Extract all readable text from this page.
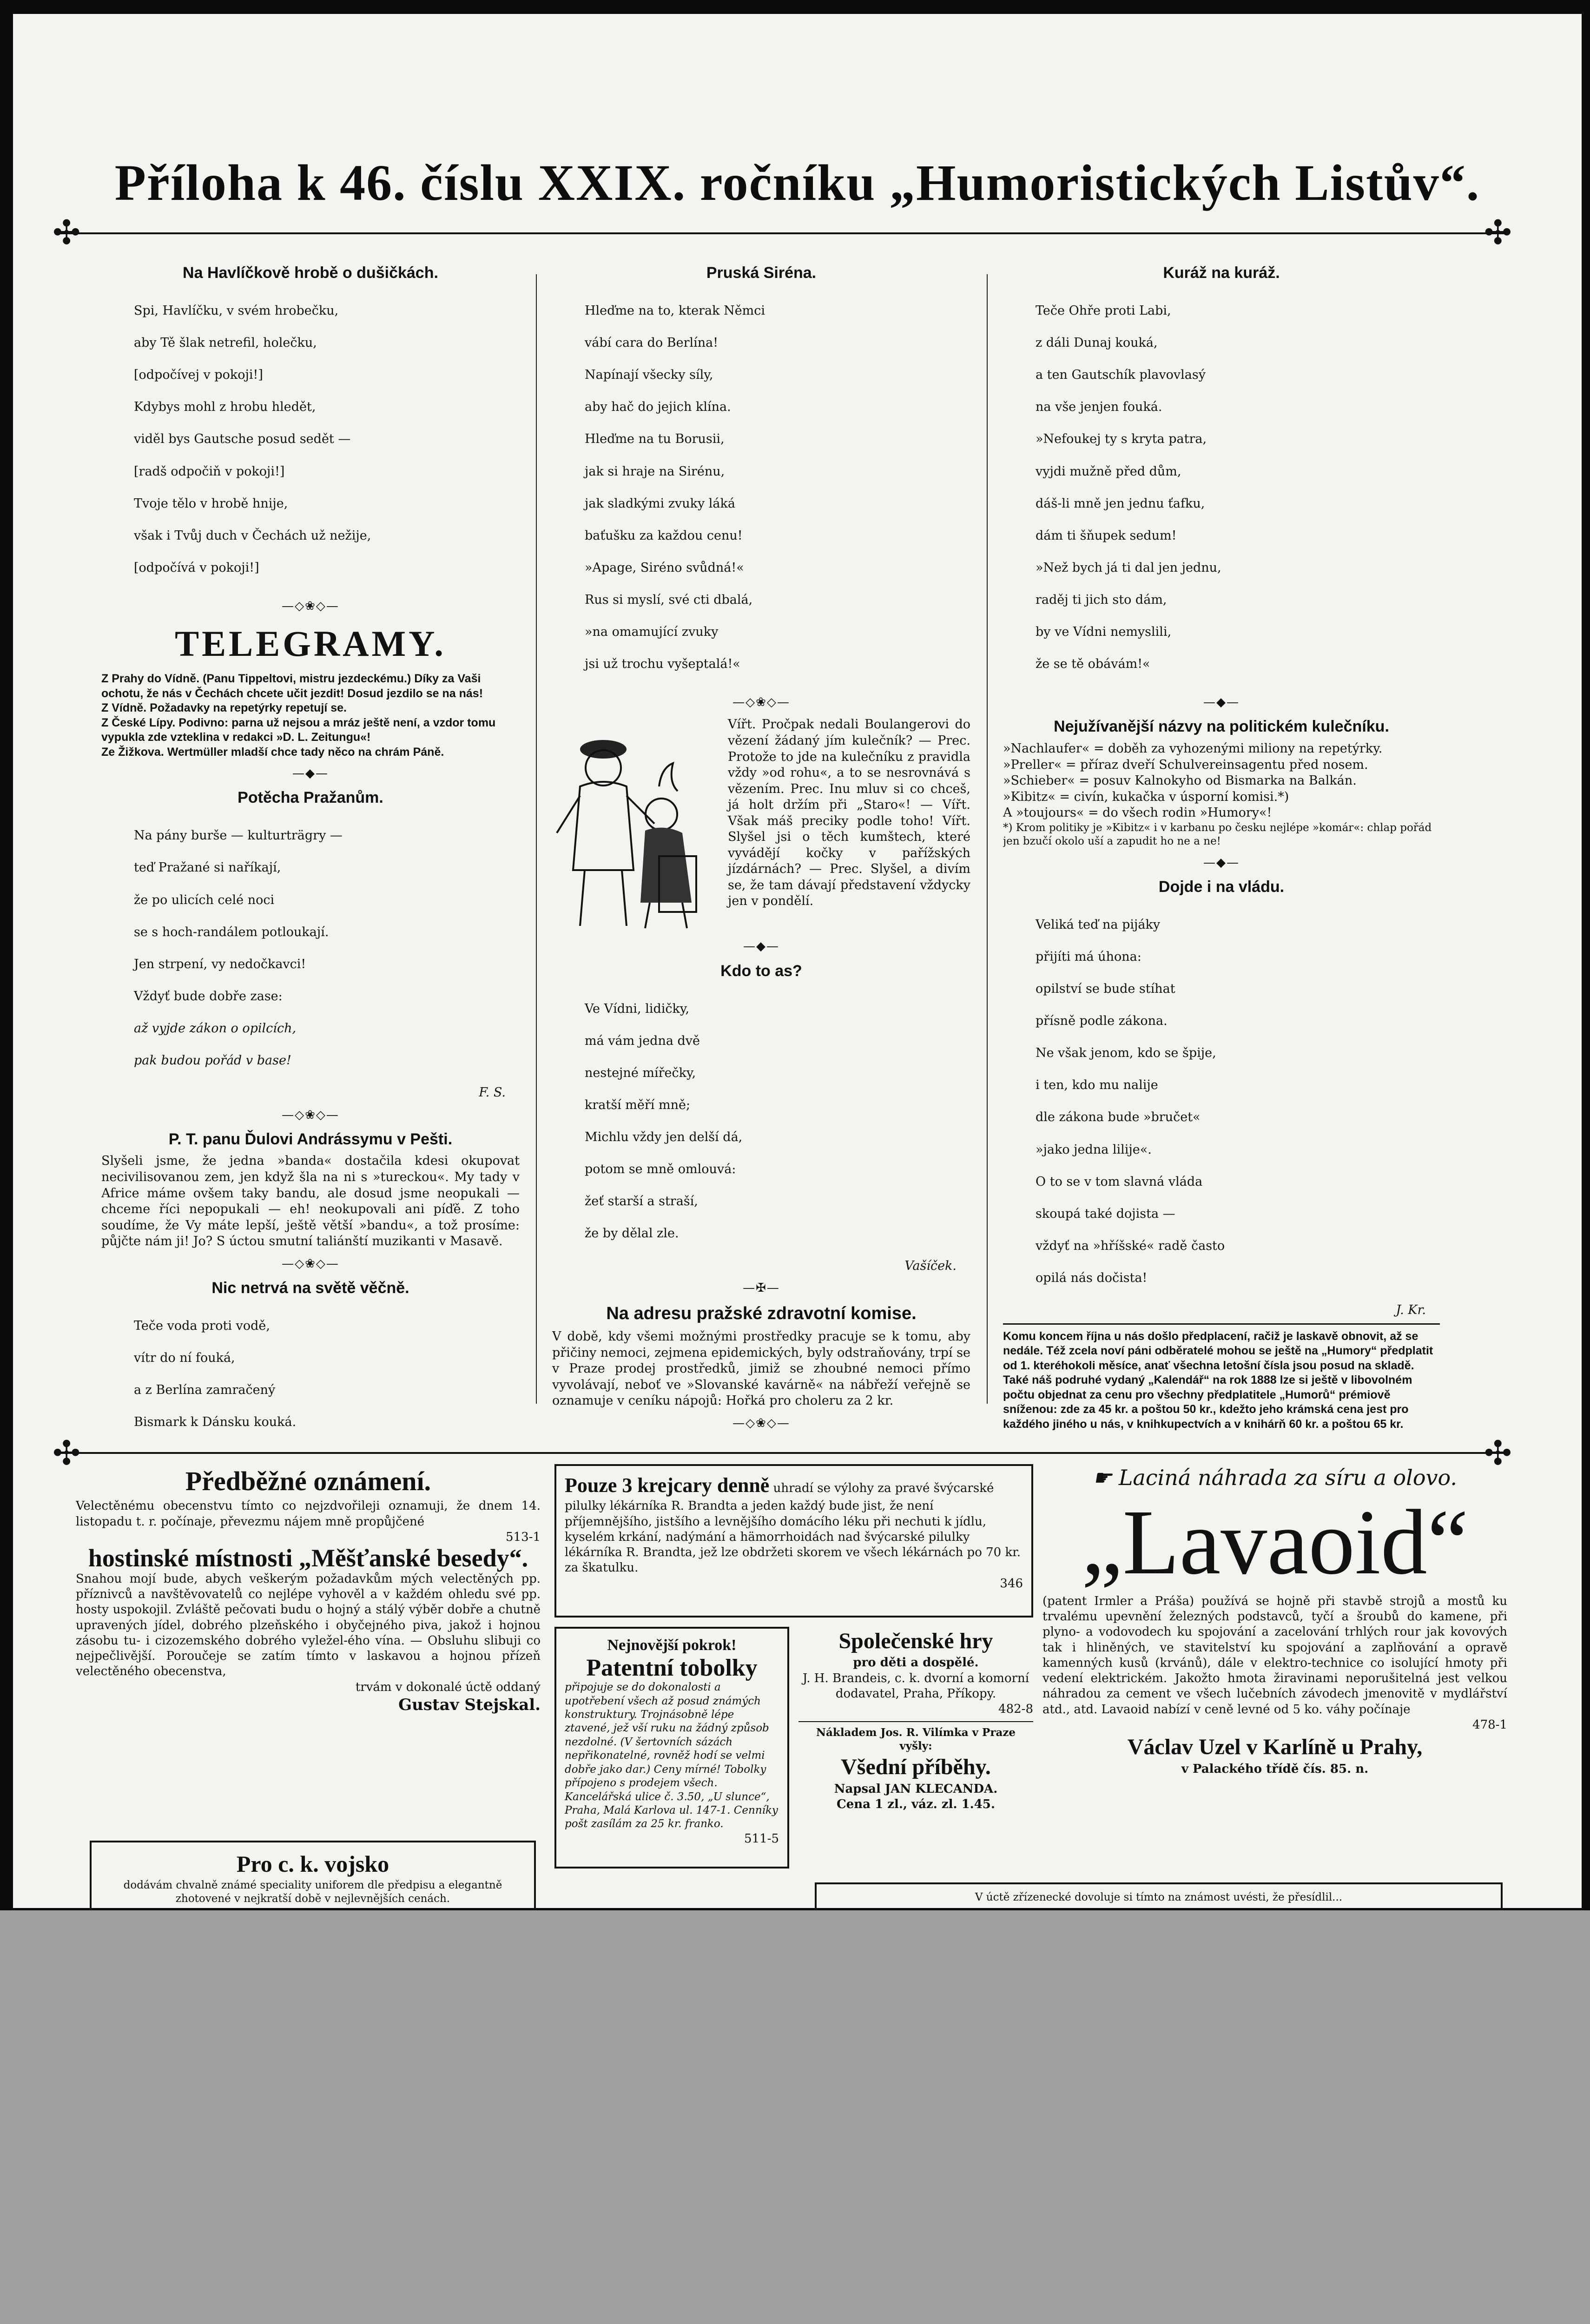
Příloha k 46. číslu XXIX. ročníku „Humoristických Listův“.
✣	✣
✣	✣
Na Havlíčkově hrobě o dušičkách.

Spi, Havlíčku, v svém hrobečku,

aby Tě šlak netrefil, holečku,

[odpočívej v pokoji!]

Kdybys mohl z hrobu hledět,

viděl bys Gautsche posud sedět —

[radš odpočiň v pokoji!]

Tvoje tělo v hrobě hnije,

však i Tvůj duch v Čechách už nežije,

[odpočívá v pokoji!]

—◇❀◇—
TELEGRAMY.
Z Prahy do Vídně. (Panu Tippeltovi, mistru jezdeckému.) Díky za Vaši ochotu, že nás v Čechách chcete učit jezdit! Dosud jezdilo se na nás!
Z Vídně. Požadavky na repetýrky repetují se.
Z České Lípy. Podivno: parna už nejsou a mráz ještě není, a vzdor tomu vypukla zde vzteklina v redakci »D. L. Zeitungu«!
Ze Žižkova. Wertmüller mladší chce tady něco na chrám Páně.
—◆—
Potěcha Pražanům.

Na pány burše — kulturträgry —

teď Pražané si naříkají,

že po ulicích celé noci

se s hoch-randálem potloukají.

Jen strpení, vy nedočkavci!

Vždyť bude dobře zase:

až vyjde zákon o opilcích,

pak budou pořád v base!

F. S.
—◇❀◇—
P. T. panu Ďulovi Andrássymu v Pešti.
Slyšeli jsme, že jedna »banda« dostačila kdesi okupovat necivilisovanou zem, jen když šla na ni s »tureckou«. My tady v Africe máme ovšem taky bandu, ale dosud jsme neopukali — chceme říci nepopukali — eh! neokupovali ani píďě. Z toho soudíme, že Vy máte lepší, ještě větší »bandu«, a tož prosíme: půjčte nám ji! Jo? S úctou smutní taliánští muzikanti v Masavě.
—◇❀◇—
Nic netrvá na světě věčně.

Teče voda proti vodě,

vítr do ní fouká,

a z Berlína zamračený

Bismark k Dánsku kouká.

Pruská Siréna.

Hleďme na to, kterak Němci

vábí cara do Berlína!

Napínají všecky síly,

aby hač do jejich klína.

Hleďme na tu Borusii,

jak si hraje na Sirénu,

jak sladkými zvuky láká

baťušku za každou cenu!

»Apage, Siréno svůdná!«

Rus si myslí, své cti dbalá,

»na omamující zvuky

jsi už trochu vyšeptalá!«

—◇❀◇—
Vířt. Pročpak nedali Boulangerovi do vězení žádaný jím kulečník? — Prec. Protože to jde na kulečníku z pravidla vždy »od rohu«, a to se nesrovnává s vězením. Prec. Inu mluv si co chceš, já holt držím při „Staro«! — Vířt. Však máš preciky podle toho! Vířt. Slyšel jsi o těch kumštech, které vyvádějí kočky v pařížských jízdárnách? — Prec. Slyšel, a divím se, že tam dávají představení vždycky jen v pondělí.
—◆—
Kdo to as?

Ve Vídni, lidičky,

má vám jedna dvě

nestejné mířečky,

kratší měří mně;

Michlu vždy jen delší dá,

potom se mně omlouvá:

žeť starší a straší,

že by dělal zle.

Vašíček.
—✠—
Na adresu pražské zdravotní komise.
V době, kdy všemi možnými prostředky pracuje se k tomu, aby přičiny nemoci, zejmena epidemických, byly odstraňovány, trpí se v Praze prodej prostředků, jimiž se zhoubné nemoci přímo vyvolávají, neboť ve »Slovanské kavárně« na nábřeží veřejně se oznamuje v ceníku nápojů: Hořká pro choleru za 2 kr.
—◇❀◇—

Kuráž na kuráž.

Teče Ohře proti Labi,

z dáli Dunaj kouká,

a ten Gautschík plavovlasý

na vše jenjen fouká.

»Nefoukej ty s kryta patra,

vyjdi mužně před dům,

dáš-li mně jen jednu ťafku,

dám ti šňupek sedum!

»Než bych já ti dal jen jednu,

raděj ti jich sto dám,

by ve Vídni nemyslili,

že se tě obávám!«

—◆—
Nejužívanější názvy na politickém kulečníku.
»Nachlaufer« = doběh za vyhozenými miliony na repetýrky.
»Preller« = příraz dveří Schulvereinsagentu před nosem.
»Schieber« = posuv Kalnokyho od Bismarka na Balkán.
»Kibitz« = civín, kukačka v úsporní komisi.*)
A »toujours« = do všech rodin »Humory«!
*) Krom politiky je »Kibitz« i v karbanu po česku nejlépe »komár«: chlap pořád jen bzučí okolo uší a zapudit ho ne a ne!
—◆—
Dojde i na vládu.

Veliká teď na pijáky

přijíti má úhona:

opilství se bude stíhat

přísně podle zákona.

Ne však jenom, kdo se špije,

i ten, kdo mu nalije

dle zákona bude »bručet«

»jako jedna lilije«.

O to se v tom slavná vláda

skoupá také dojista —

vždyť na »hříšské« radě často

opilá nás dočista!

J. Kr.
Komu koncem října u nás došlo předplacení, račiž je laskavě obnovit, až se nedále. Též zcela noví páni odběratelé mohou se ještě na „Humory“ předplatit od 1. kteréhokoli měsíce, anať všechna letošní čísla jsou posud na skladě. Také náš podruhé vydaný „Kalendář“ na rok 1888 lze si ještě v libovolném počtu objednat za cenu pro všechny předplatitele „Humorů“ prémiově sníženou: zde za 45 kr. a poštou 50 kr., kdežto jeho krámská cena jest pro každého jiného u nás, v knihkupectvích a v knihárň 60 kr. a poštou 65 kr.

Předběžné oznámení.
Velectěnému obecenstvu tímto co nejzdvořileji oznamuji, že dnem 14. listopadu t. r. počínaje, převezmu nájem mně propůjčené
513-1
hostinské místnosti „Měšťanské besedy“.
Snahou mojí bude, abych veškerým požadavkům mých velectěných pp. příznivců a navštěvovatelů co nejlépe vyhověl a v každém ohledu své pp. hosty uspokojil. Zvláště pečovati budu o hojný a stálý výběr dobře a chutně upravených jídel, dobrého plzeňského i obyčejného piva, jakož i hojnou zásobu tu- i cizozemského dobrého vyležel-ého vína. — Obsluhu slibuji co nejpečlivější. Poroučeje se zatím tímto v laskavou a hojnou přízeň velectěného obecenstva,
trvám v dokonalé úctě oddaný
Gustav Stejskal.
Pro c. k. vojsko
dodávám chvalně známé speciality uniforem dle předpisu a elegantně zhotovené v nejkratší době v nejlevnějších cenách.
Pouze 3 krejcary denně uhradí se výlohy za pravé švýcarské pilulky lékárníka R. Brandta a jeden každý bude jist, že není příjemnějšího, jistšího a levnějšího domácího léku při nechuti k jídlu, kyselém krkání, nadýmání a hämorrhoidách nad švýcarské pilulky lékárníka R. Brandta, jež lze obdržeti skorem ve všech lékárnách po 70 kr. za škatulku.
346
Nejnovější pokrok!
Patentní tobolky
připojuje se do dokonalosti a upotřebení všech až posud známých konstruktury. Trojnásobně lépe ztavené, jež vší ruku na žádný způsob nezdolné. (V šertovních sázách nepřikonatelné, rovněž hodí se velmi dobře jako dar.) Ceny mírné! Tobolky přípojeno s prodejem všech. Kancelářská ulice č. 3.50, „U slunce“, Praha, Malá Karlova ul. 147-1. Cenníky pošt zasílám za 25 kr. franko.
511-5
Společenské hry
pro děti a dospělé.
J. H. Brandeis, c. k. dvorní a komorní dodavatel, Praha, Příkopy.
482-8
Nákladem Jos. R. Vilímka v Praze vyšly:
Všední příběhy.
Napsal JAN KLECANDA.
Cena 1 zl., váz. zl. 1.45.
☛ Laciná náhrada za síru a olovo.
„Lavaoid“
(patent Irmler a Práša) používá se hojně při stavbě strojů a mostů ku trvalému upevnění železných podstavců, tyčí a šroubů do kamene, při plyno- a vodovodech ku spojování a zacelování trhlých rour jak kovových tak i hliněných, ve stavitelství ku spojování a zaplňování a opravě kamenných kusů (krvánů), dále v elektro-technice co isolující hmoty při vedení elektrickém. Jakožto hmota žiravinami neporušitelná jest velkou náhradou za cement ve všech lučebních závodech jmenovitě v mydlářství atd., atd. Lavaoid nabízí v ceně levné od 5 ko. váhy počínaje
478-1
Václav Uzel v Karlíně u Prahy,
v Palackého třídě čís. 85. n.
V úctě zřízenecké dovoluje si tímto na známost uvésti, že přesídlil...
